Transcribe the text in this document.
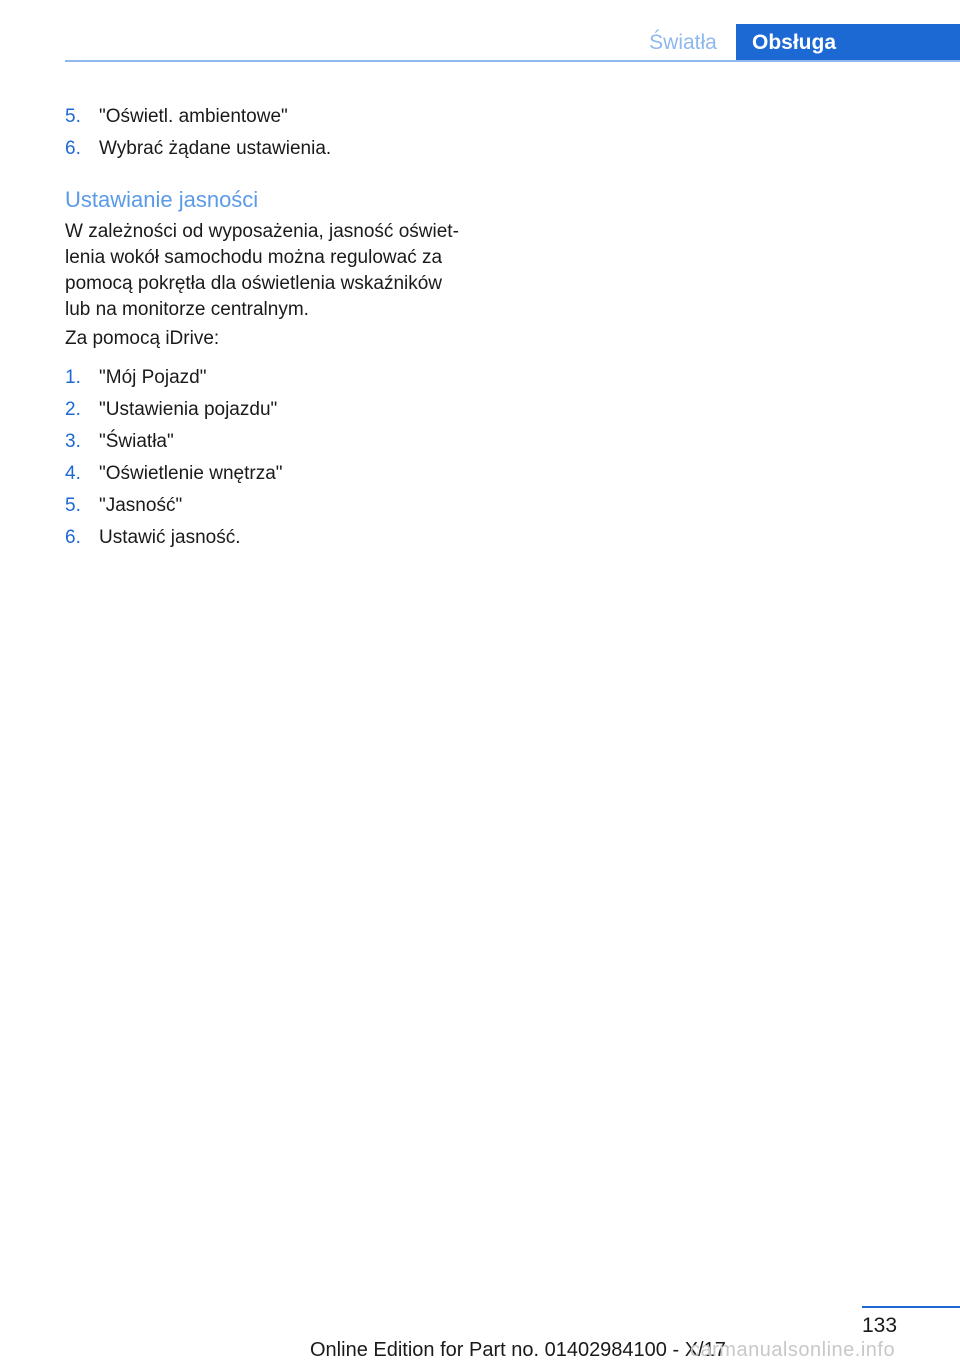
Światła	Obsługa
5. "Oświetl. ambientowe"
6. Wybrać żądane ustawienia.
Ustawianie jasności
W zależności od wyposażenia, jasność oświet‐
lenia wokół samochodu można regulować za
pomocą pokrętła dla oświetlenia wskaźników
lub na monitorze centralnym.
Za pomocą iDrive:
1. "Mój Pojazd"
2. "Ustawienia pojazdu"
3. "Światła"
4. "Oświetlenie wnętrza"
5. "Jasność"
6. Ustawić jasność.
133
Online Edition for Part no. 01402984100 - X/17
carmanualsonline.info
